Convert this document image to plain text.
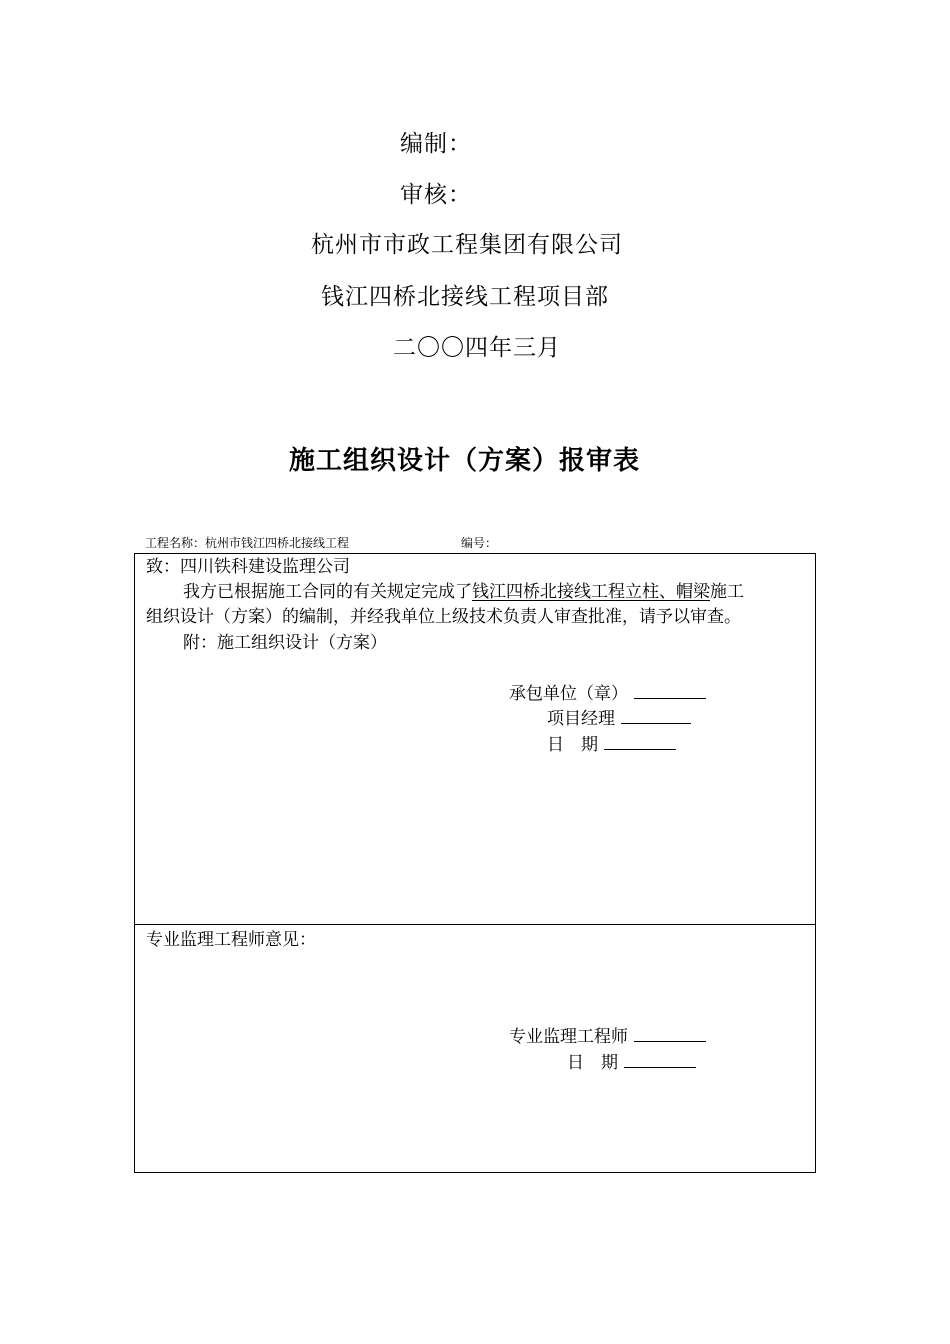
编制：
审核：
杭州市市政工程集团有限公司
钱江四桥北接线工程项目部
二〇〇四年三月
施工组织设计（方案）报审表
工程名称：杭州市钱江四桥北接线工程	编号：
致：四川铁科建设监理公司
我方已根据施工合同的有关规定完成了钱江四桥北接线工程立柱、帽梁施工
组织设计（方案）的编制，并经我单位上级技术负责人审查批准，请予以审查。
附：施工组织设计（方案）
承包单位（章）
项目经理
日　期
专业监理工程师意见：
专业监理工程师
日　期
